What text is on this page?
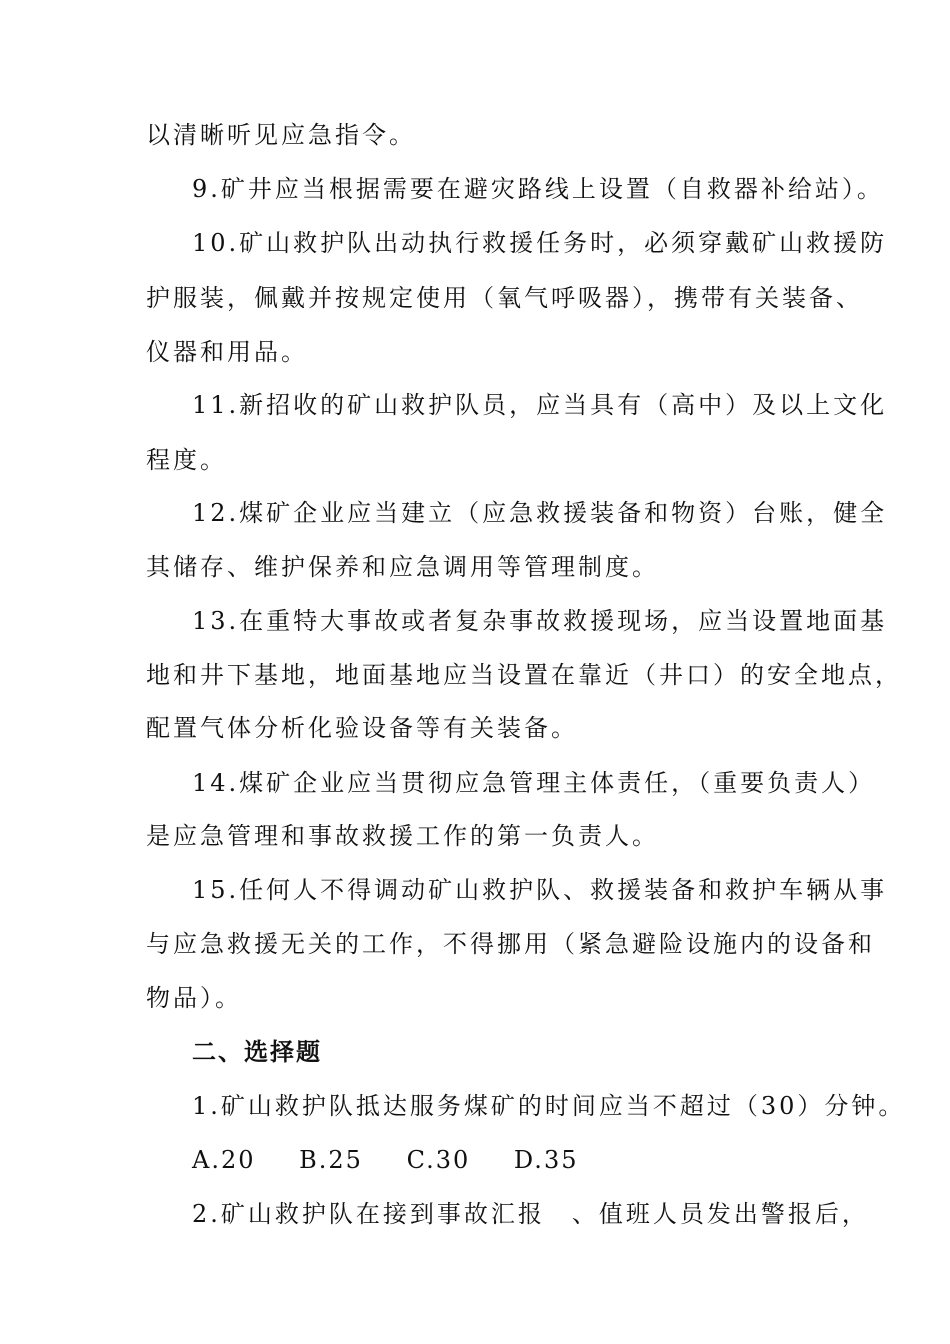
以清晰听见应急指令。
9.矿井应当根据需要在避灾路线上设置（自救器补给站）。
10.矿山救护队出动执行救援任务时，必须穿戴矿山救援防
护服装，佩戴并按规定使用（氧气呼吸器），携带有关装备、
仪器和用品。
11.新招收的矿山救护队员，应当具有（高中）及以上文化
程度。
12.煤矿企业应当建立（应急救援装备和物资）台账，健全
其储存、维护保养和应急调用等管理制度。
13.在重特大事故或者复杂事故救援现场，应当设置地面基
地和井下基地，地面基地应当设置在靠近（井口）的安全地点，
配置气体分析化验设备等有关装备。
14.煤矿企业应当贯彻应急管理主体责任，（重要负责人）
是应急管理和事故救援工作的第一负责人。
15.任何人不得调动矿山救护队、救援装备和救护车辆从事
与应急救援无关的工作，不得挪用（紧急避险设施内的设备和
物品）。
二、选择题
1.矿山救护队抵达服务煤矿的时间应当不超过（30）分钟。
A.20 B.25 C.30 D.35
2.矿山救护队在接到事故汇报　、值班人员发出警报后，
